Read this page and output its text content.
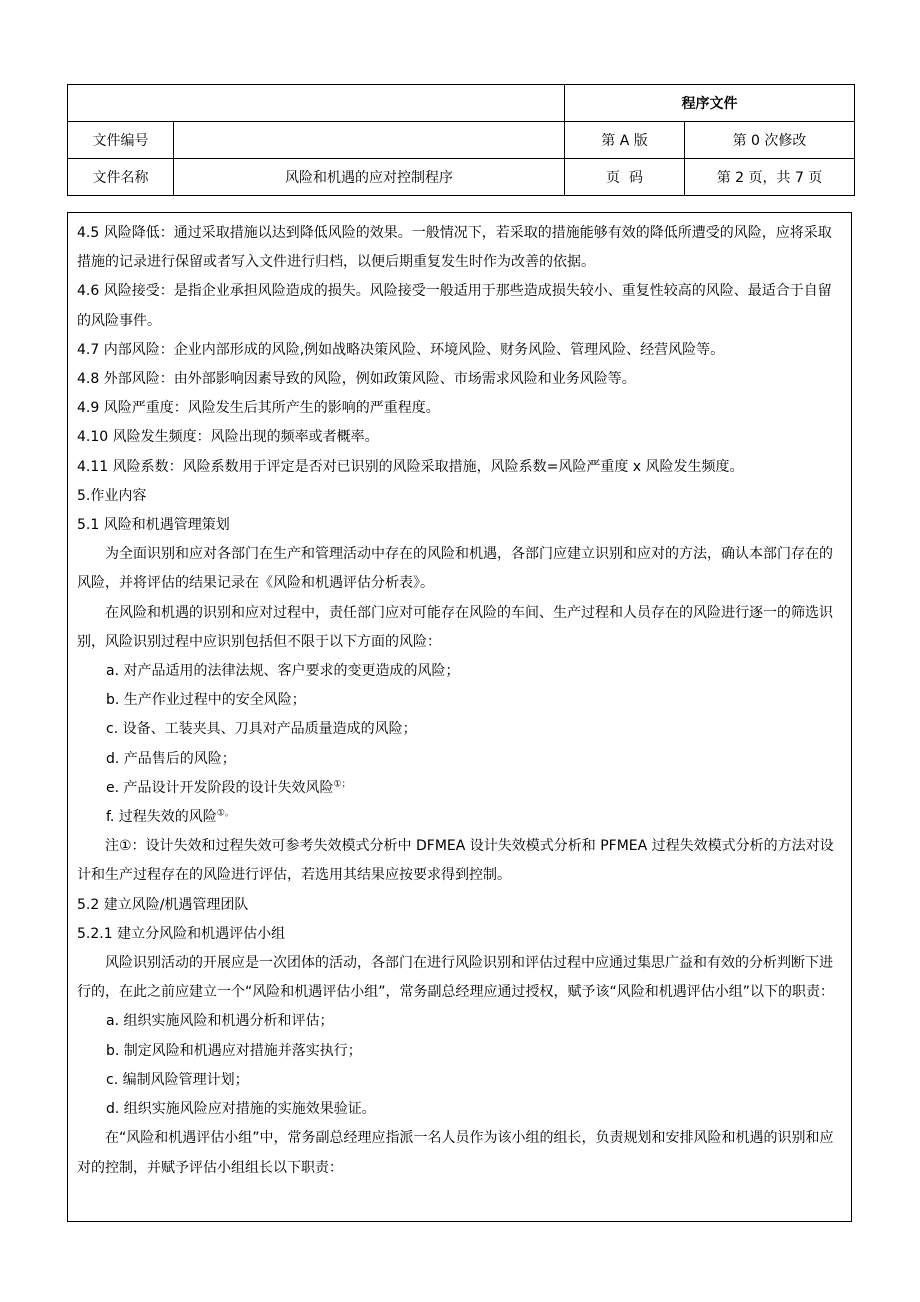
		程序文件	
文件编号		第 A 版	第 0 次修改
文件名称	风险和机遇的应对控制程序	页  码	第 2 页，共 7 页

4.5 风险降低：通过采取措施以达到降低风险的效果。一般情况下，若采取的措施能够有效的降低所遭受的风险，应将采取措施的记录进行保留或者写入文件进行归档，以便后期重复发生时作为改善的依据。

4.6 风险接受：是指企业承担风险造成的损失。风险接受一般适用于那些造成损失较小、重复性较高的风险、最适合于自留的风险事件。

4.7 内部风险：企业内部形成的风险,例如战略决策风险、环境风险、财务风险、管理风险、经营风险等。

4.8 外部风险：由外部影响因素导致的风险，例如政策风险、市场需求风险和业务风险等。

4.9 风险严重度：风险发生后其所产生的影响的严重程度。

4.10 风险发生频度：风险出现的频率或者概率。

4.11 风险系数：风险系数用于评定是否对已识别的风险采取措施，风险系数=风险严重度 x 风险发生频度。

5.作业内容

5.1 风险和机遇管理策划

为全面识别和应对各部门在生产和管理活动中存在的风险和机遇，各部门应建立识别和应对的方法，确认本部门存在的风险，并将评估的结果记录在《风险和机遇评估分析表》。

在风险和机遇的识别和应对过程中，责任部门应对可能存在风险的车间、生产过程和人员存在的风险进行逐一的筛选识别，风险识别过程中应识别包括但不限于以下方面的风险：

a. 对产品适用的法律法规、客户要求的变更造成的风险；

b. 生产作业过程中的安全风险；

c. 设备、工装夹具、刀具对产品质量造成的风险；

d. 产品售后的风险；

e. 产品设计开发阶段的设计失效风险①；

f. 过程失效的风险①。

注①：设计失效和过程失效可参考失效模式分析中 DFMEA 设计失效模式分析和 PFMEA 过程失效模式分析的方法对设计和生产过程存在的风险进行评估，若选用其结果应按要求得到控制。

5.2 建立风险/机遇管理团队

5.2.1 建立分风险和机遇评估小组

风险识别活动的开展应是一次团体的活动，各部门在进行风险识别和评估过程中应通过集思广益和有效的分析判断下进行的，在此之前应建立一个“风险和机遇评估小组”，常务副总经理应通过授权，赋予该“风险和机遇评估小组”以下的职责：

a. 组织实施风险和机遇分析和评估；

b. 制定风险和机遇应对措施并落实执行；

c. 编制风险管理计划；

d. 组织实施风险应对措施的实施效果验证。

在“风险和机遇评估小组”中，常务副总经理应指派一名人员作为该小组的组长，负责规划和安排风险和机遇的识别和应对的控制，并赋予评估小组组长以下职责：
